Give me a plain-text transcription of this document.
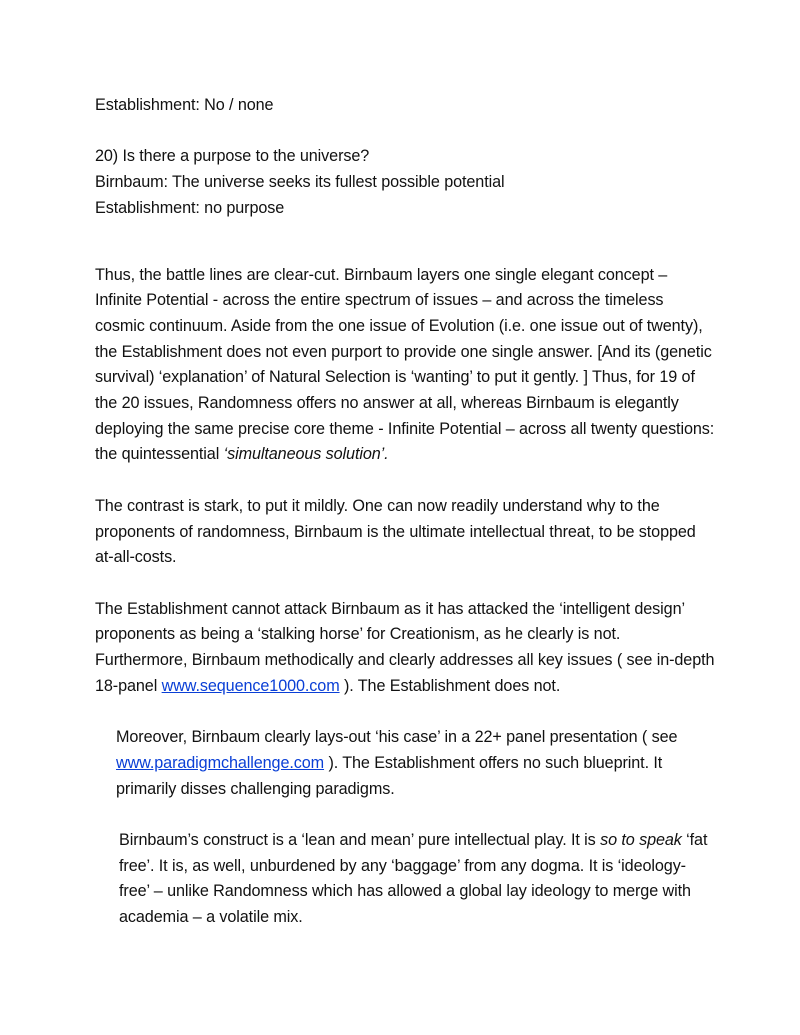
Establishment: No / none

20) Is there a purpose to the universe?

Birnbaum: The universe seeks its fullest possible potential

Establishment: no purpose

Thus, the battle lines are clear-cut. Birnbaum layers one single elegant concept – Infinite Potential - across the entire spectrum of issues – and across the timeless cosmic continuum. Aside from the one issue of Evolution (i.e. one issue out of twenty), the Establishment does not even purport to provide one single answer. [And its (genetic survival) ‘explanation’ of Natural Selection is ‘wanting’ to put it gently. ] Thus, for 19 of the 20 issues, Randomness offers no answer at all, whereas Birnbaum is elegantly deploying the same precise core theme - Infinite Potential – across all twenty questions: the quintessential ‘simultaneous solution’.

The contrast is stark, to put it mildly. One can now readily understand why to the proponents of randomness, Birnbaum is the ultimate intellectual threat, to be stopped at-all-costs.

The Establishment cannot attack Birnbaum as it has attacked the ‘intelligent design’ proponents as being a ‘stalking horse’ for Creationism, as he clearly is not. Furthermore, Birnbaum methodically and clearly addresses all key issues ( see in-depth 18-panel www.sequence1000.com ). The Establishment does not.

Moreover, Birnbaum clearly lays-out ‘his case’ in a 22+ panel presentation ( see www.paradigmchallenge.com ). The Establishment offers no such blueprint. It primarily disses challenging paradigms.

Birnbaum’s construct is a ‘lean and mean’ pure intellectual play. It is so to speak ‘fat free’. It is, as well, unburdened by any ‘baggage’ from any dogma. It is ‘ideology-free’ – unlike Randomness which has allowed a global lay ideology to merge with academia – a volatile mix.
